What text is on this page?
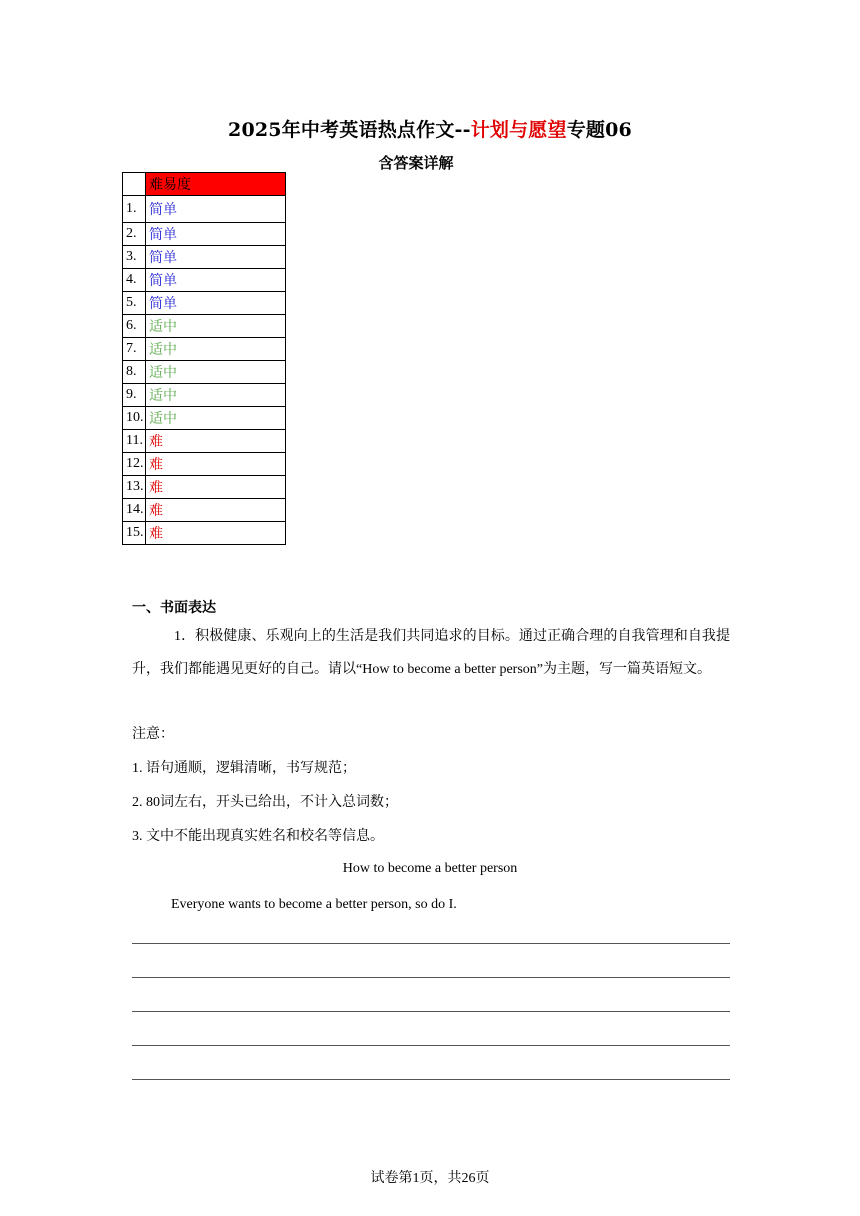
2025年中考英语热点作文--计划与愿望专题06
含答案详解
	难易度
1.	简单
2.	简单
3.	简单
4.	简单
5.	简单
6.	适中
7.	适中
8.	适中
9.	适中
10.	适中
11.	难
12.	难
13.	难
14.	难
15.	难
一、书面表达
1．积极健康、乐观向上的生活是我们共同追求的目标。通过正确合理的自我管理和自我提升，我们都能遇见更好的自己。请以“How to become a better person”为主题，写一篇英语短文。
注意：
1. 语句通顺，逻辑清晰，书写规范；
2. 80词左右，开头已给出，不计入总词数；
3. 文中不能出现真实姓名和校名等信息。
How to become a better person
Everyone wants to become a better person, so do I.
试卷第1页，共26页
